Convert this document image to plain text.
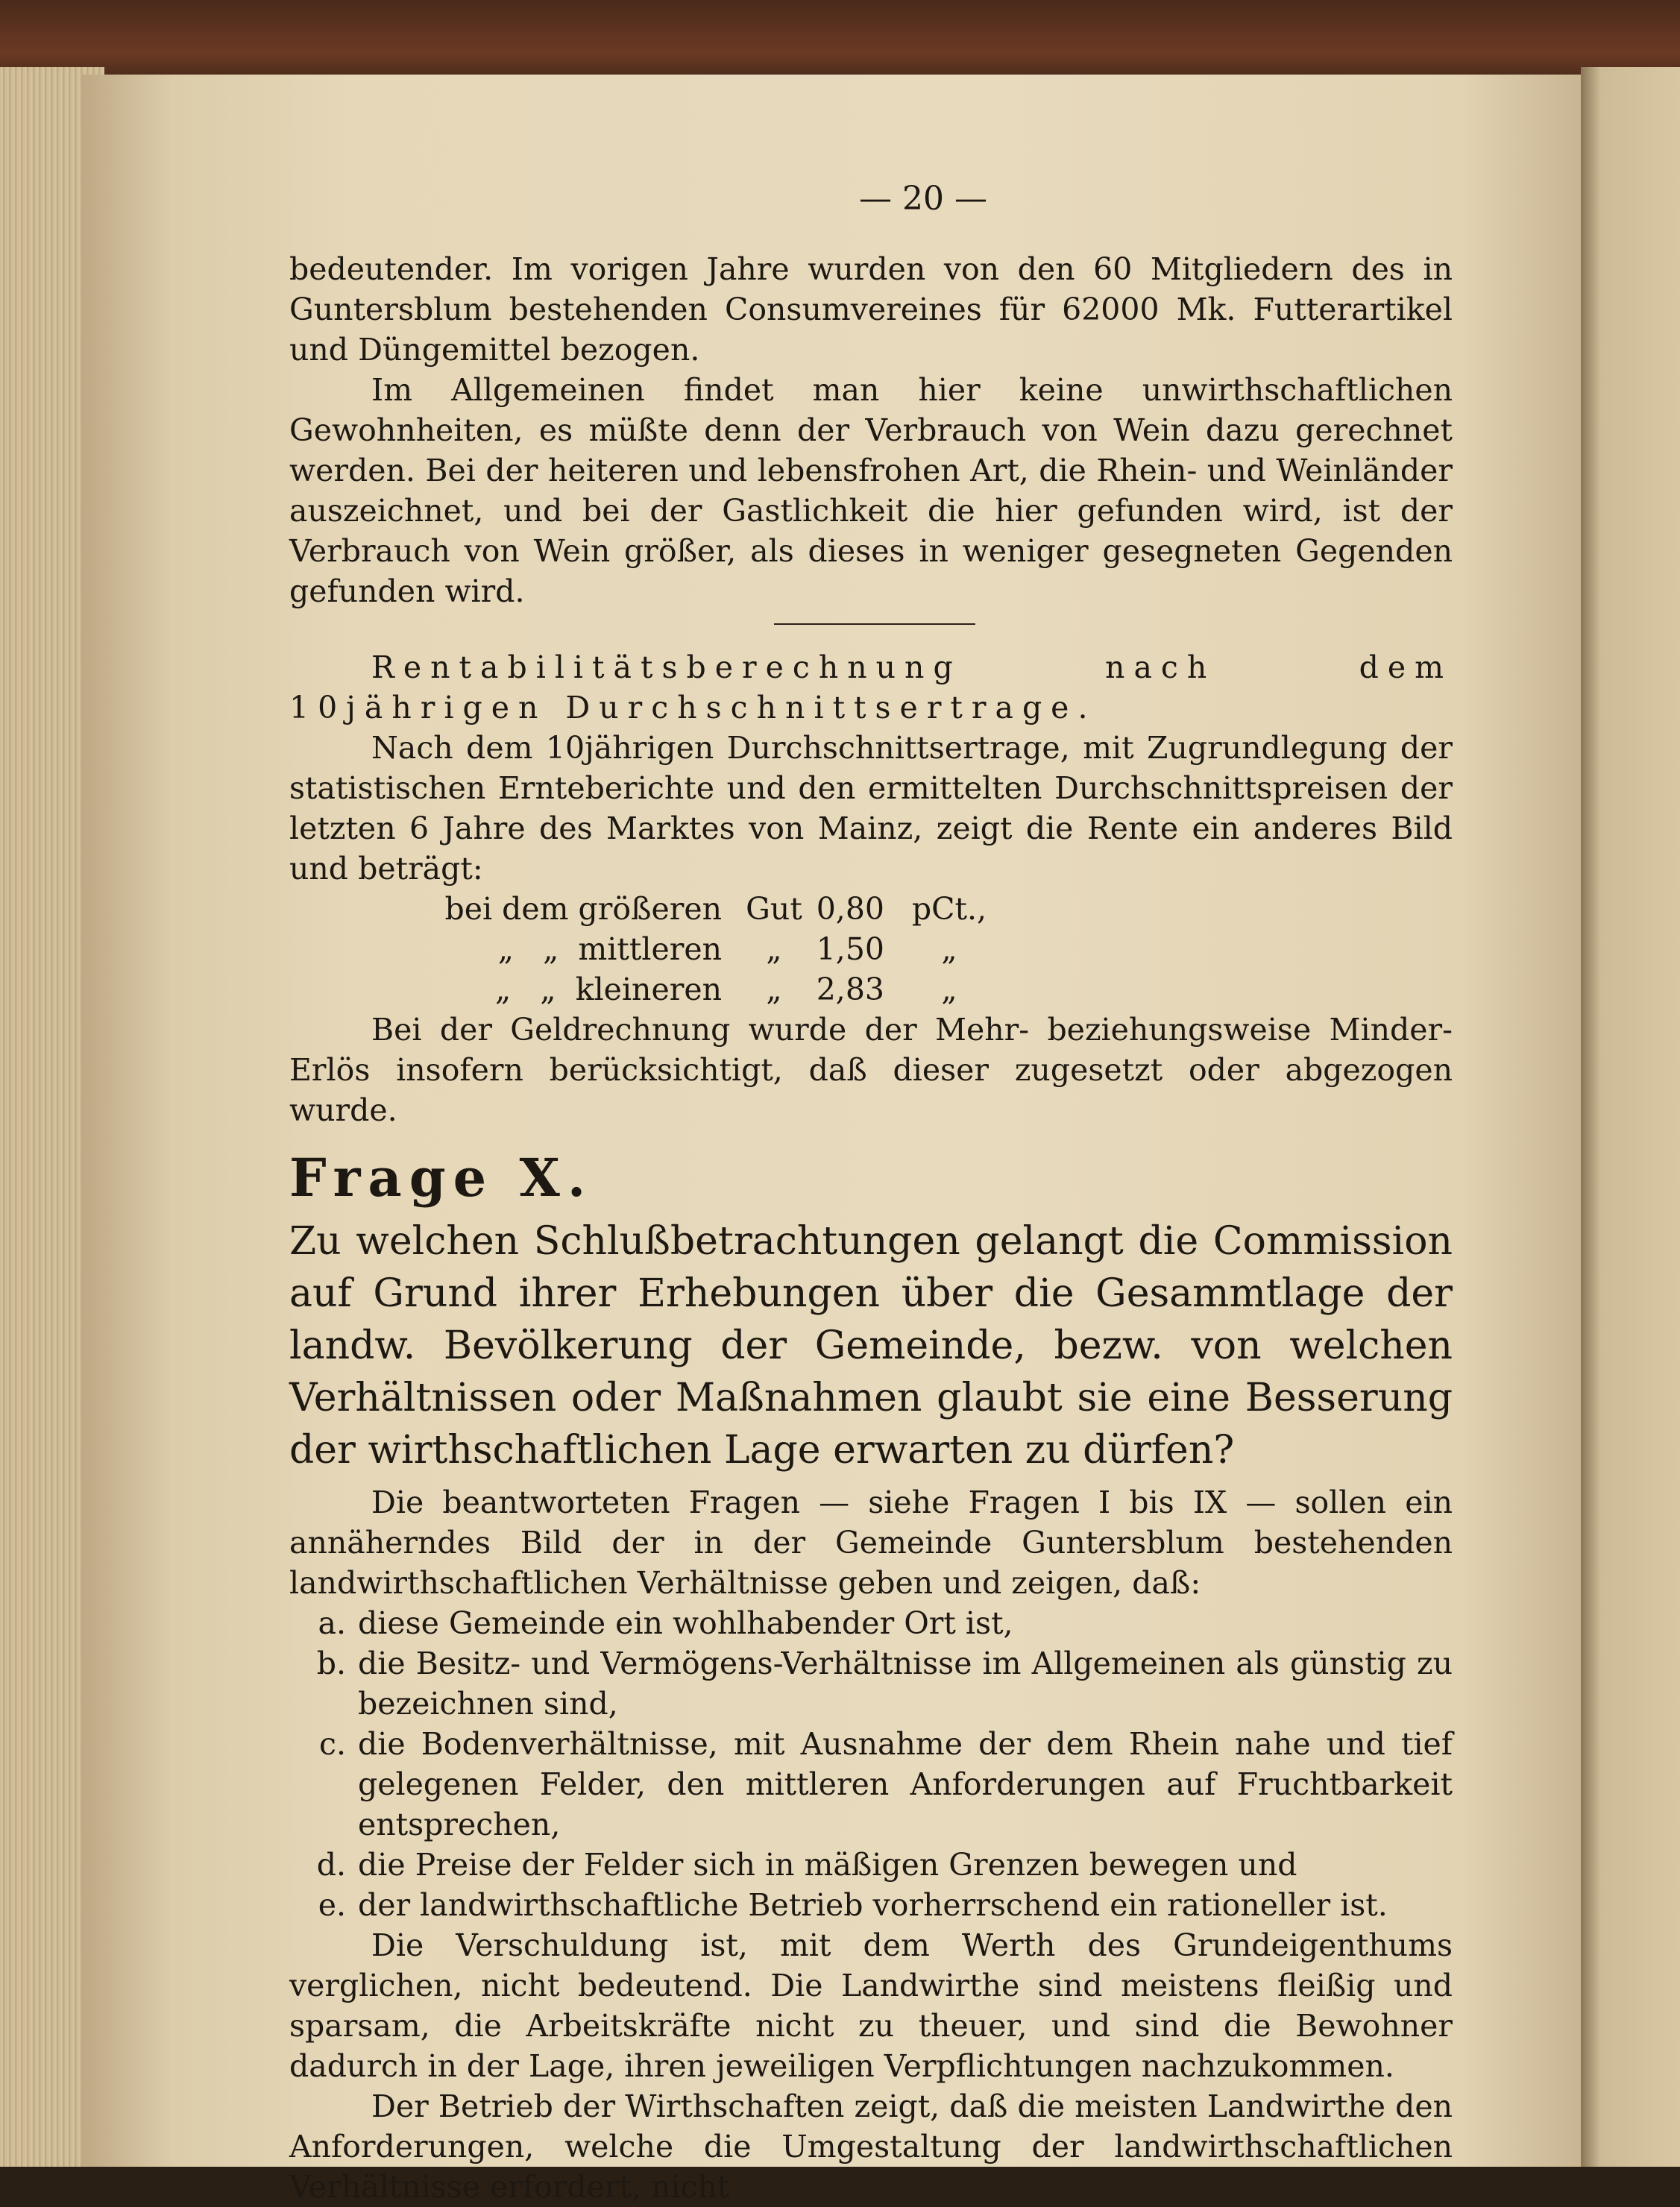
— 20 —

bedeutender. Im vorigen Jahre wurden von den 60 Mitgliedern des in Guntersblum bestehenden Consumvereines für 62000 Mk. Futterartikel und Düngemittel bezogen.

Im Allgemeinen findet man hier keine unwirthschaftlichen Gewohnheiten, es müßte denn der Verbrauch von Wein dazu gerechnet werden. Bei der heiteren und lebensfrohen Art, die Rhein- und Weinländer auszeichnet, und bei der Gastlichkeit die hier gefunden wird, ist der Verbrauch von Wein größer, als dieses in weniger gesegneten Gegenden gefunden wird.

Rentabilitätsberechnung nach dem 10jährigen Durchschnittsertrage.

Nach dem 10jährigen Durchschnittsertrage, mit Zugrundlegung der statistischen Ernteberichte und den ermittelten Durchschnittspreisen der letzten 6 Jahre des Marktes von Mainz, zeigt die Rente ein anderes Bild und beträgt:

bei dem größeren Gut 0,80 pCt.,
„ „ mittleren	„	1,50	„
„ „ kleineren	„	2,83	„

Bei der Geldrechnung wurde der Mehr- beziehungsweise Minder-Erlös insofern berücksichtigt, daß dieser zugesetzt oder abgezogen wurde.

Frage X.

Zu welchen Schlußbetrachtungen gelangt die Commission auf Grund ihrer Erhebungen über die Gesammtlage der landw. Bevölkerung der Gemeinde, bezw. von welchen Verhältnissen oder Maßnahmen glaubt sie eine Besserung der wirthschaftlichen Lage erwarten zu dürfen?

Die beantworteten Fragen — siehe Fragen I bis IX — sollen ein annäherndes Bild der in der Gemeinde Guntersblum bestehenden landwirthschaftlichen Verhältnisse geben und zeigen, daß:

a. diese Gemeinde ein wohlhabender Ort ist,
b. die Besitz- und Vermögens-Verhältnisse im Allgemeinen als günstig zu bezeichnen sind,
c. die Bodenverhältnisse, mit Ausnahme der dem Rhein nahe und tief gelegenen Felder, den mittleren Anforderungen auf Fruchtbarkeit entsprechen,
d. die Preise der Felder sich in mäßigen Grenzen bewegen und
e. der landwirthschaftliche Betrieb vorherrschend ein rationeller ist.

Die Verschuldung ist, mit dem Werth des Grundeigenthums verglichen, nicht bedeutend. Die Landwirthe sind meistens fleißig und sparsam, die Arbeitskräfte nicht zu theuer, und sind die Bewohner dadurch in der Lage, ihren jeweiligen Verpflichtungen nachzukommen.

Der Betrieb der Wirthschaften zeigt, daß die meisten Landwirthe den Anforderungen, welche die Umgestaltung der landwirthschaftlichen Verhältnisse erfordert, nicht
